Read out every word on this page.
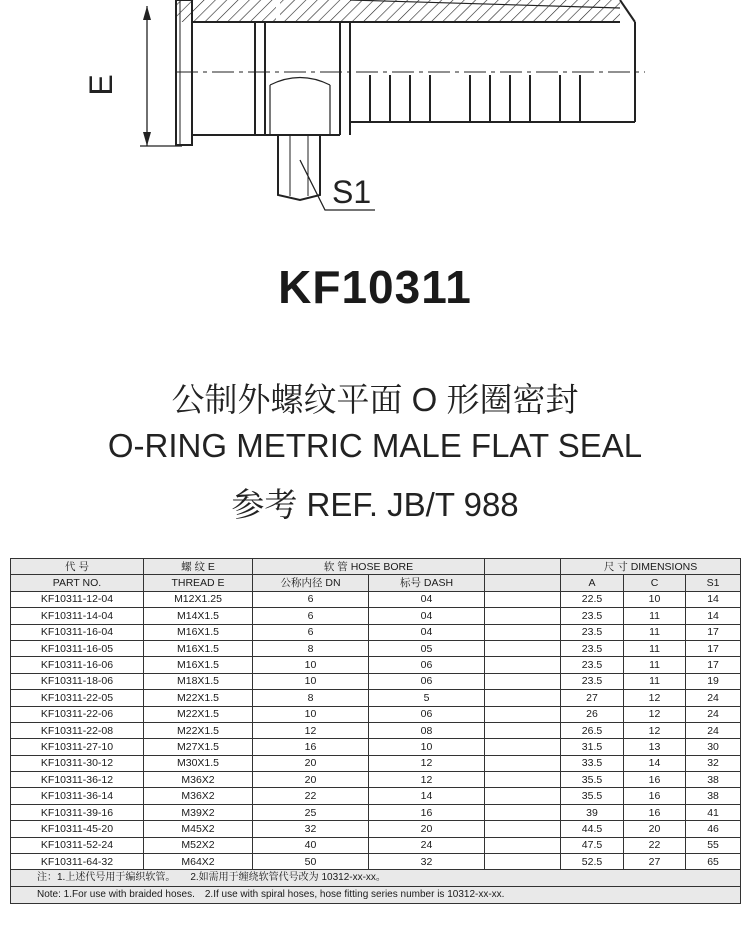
E
S1
KF10311
公制外螺纹平面 O 形圈密封
O-RING METRIC MALE FLAT SEAL
参考 REF. JB/T 988
代 号	螺 纹 E	软 管 HOSE BORE			尺 寸 DIMENSIONS		
PART NO.	THREAD E	公称内径 DN	标号 DASH		A	C	S1
KF10311-12-04	M12X1.25	6	04		22.5	10	14
KF10311-14-04	M14X1.5	6	04		23.5	11	14
KF10311-16-04	M16X1.5	6	04		23.5	11	17
KF10311-16-05	M16X1.5	8	05		23.5	11	17
KF10311-16-06	M16X1.5	10	06		23.5	11	17
KF10311-18-06	M18X1.5	10	06		23.5	11	19
KF10311-22-05	M22X1.5	8	5		27	12	24
KF10311-22-06	M22X1.5	10	06		26	12	24
KF10311-22-08	M22X1.5	12	08		26.5	12	24
KF10311-27-10	M27X1.5	16	10		31.5	13	30
KF10311-30-12	M30X1.5	20	12		33.5	14	32
KF10311-36-12	M36X2	20	12		35.5	16	38
KF10311-36-14	M36X2	22	14		35.5	16	38
KF10311-39-16	M39X2	25	16		39	16	41
KF10311-45-20	M45X2	32	20		44.5	20	46
KF10311-52-24	M52X2	40	24		47.5	22	55
KF10311-64-32	M64X2	50	32		52.5	27	65
注：1.上述代号用于编织软管。　　2.如需用于缠绕软管代号改为 10312-xx-xx。							
Note: 1.For use with braided hoses.　2.If use with spiral hoses, hose fitting series number is 10312-xx-xx.							
